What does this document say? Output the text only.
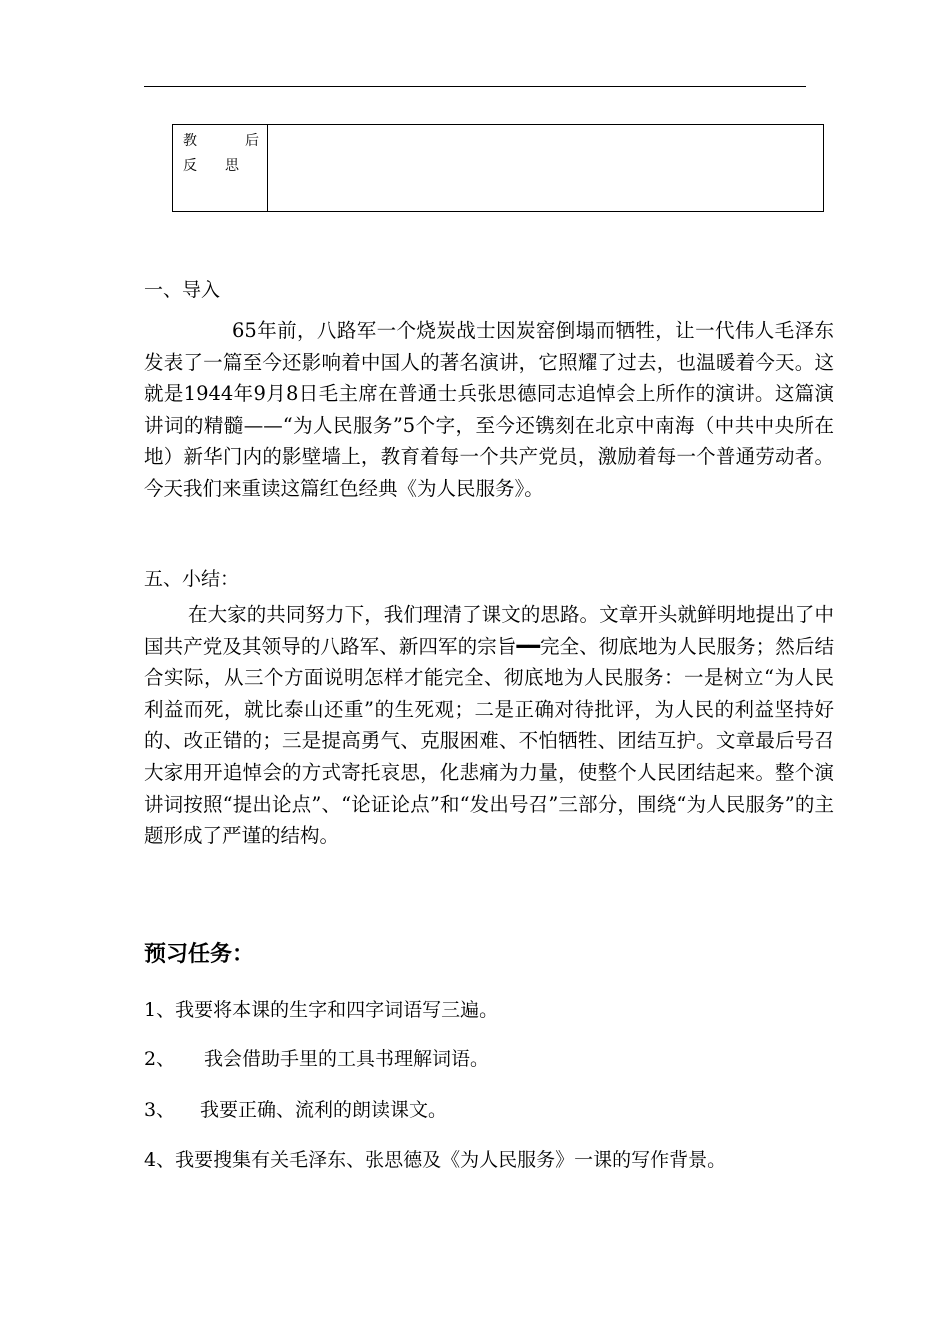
教	后
反 思
一、导入
65年前，八路军一个烧炭战士因炭窑倒塌而牺牲，让一代伟人毛泽东发表了一篇至今还影响着中国人的著名演讲，它照耀了过去，也温暖着今天。这就是1944年9月8日毛主席在普通士兵张思德同志追悼会上所作的演讲。这篇演讲词的精髓——“为人民服务”5个字，至今还镌刻在北京中南海（中共中央所在地）新华门内的影壁墙上，教育着每一个共产党员，激励着每一个普通劳动者。今天我们来重读这篇红色经典《为人民服务》。
五、小结：
在大家的共同努力下，我们理清了课文的思路。文章开头就鲜明地提出了中国共产党及其领导的八路军、新四军的宗旨━━完全、彻底地为人民服务；然后结合实际，从三个方面说明怎样才能完全、彻底地为人民服务：一是树立“为人民利益而死，就比泰山还重”的生死观；二是正确对待批评，为人民的利益坚持好的、改正错的；三是提高勇气、克服困难、不怕牺牲、团结互护。文章最后号召大家用开追悼会的方式寄托哀思，化悲痛为力量，使整个人民团结起来。整个演讲词按照“提出论点”、“论证论点”和“发出号召”三部分，围绕“为人民服务”的主题形成了严谨的结构。
预习任务：
1、我要将本课的生字和四字词语写三遍。
2、 我会借助手里的工具书理解词语。
3、 我要正确、流利的朗读课文。
4、我要搜集有关毛泽东、张思德及《为人民服务》一课的写作背景。
